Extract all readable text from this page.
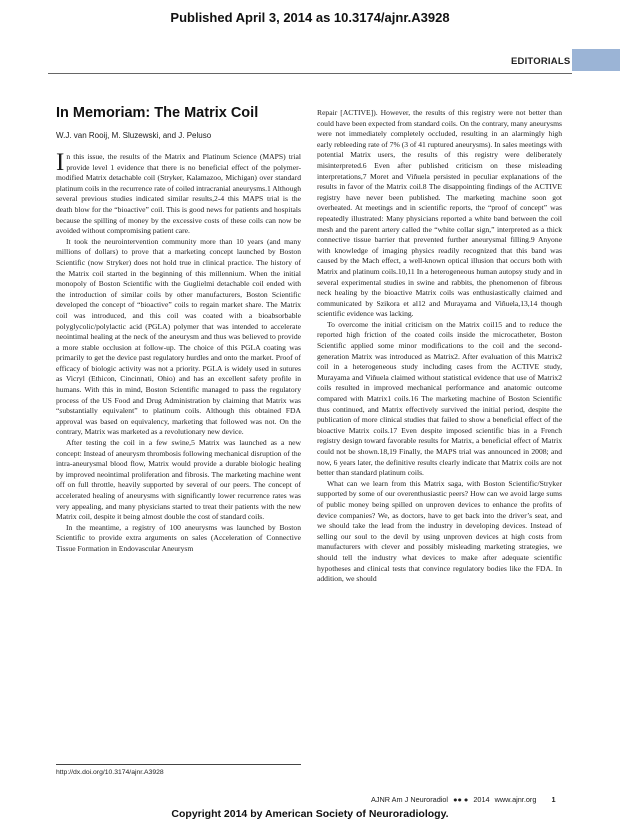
Published April 3, 2014 as 10.3174/ajnr.A3928
EDITORIALS
In Memoriam: The Matrix Coil
W.J. van Rooij, M. Sluzewski, and J. Peluso

In this issue, the results of the Matrix and Platinum Science (MAPS) trial provide level 1 evidence that there is no beneficial effect of the polymer-modified Matrix detachable coil (Stryker, Kalamazoo, Michigan) over standard platinum coils in the recurrence rate of coiled intracranial aneurysms.1 Although several previous studies indicated similar results,2-4 this MAPS trial is the death blow for the “bioactive” coil. This is good news for patients and hospitals because the spilling of money by the excessive costs of these coils can now be avoided without compromising patient care.

It took the neurointervention community more than 10 years (and many millions of dollars) to prove that a marketing concept launched by Boston Scientific (now Stryker) does not hold true in clinical practice. The history of the Matrix coil started in the beginning of this millennium. When the initial monopoly of Boston Scientific with the Guglielmi detachable coil ended with the introduction of similar coils by other manufacturers, Boston Scientific developed the concept of “bioactive” coils to regain market share. The Matrix coil was introduced, and this coil was coated with a bioabsorbable polyglycolic/polylactic acid (PGLA) polymer that was intended to accelerate neointimal healing at the neck of the aneurysm and thus was believed to provide a more stable occlusion at follow-up. The choice of this PGLA coating was primarily to get the device past regulatory hurdles and onto the market. Proof of efficacy of biologic activity was not a priority. PGLA is widely used in sutures as Vicryl (Ethicon, Cincinnati, Ohio) and has an excellent safety profile in humans. With this in mind, Boston Scientific managed to pass the regulatory process of the US Food and Drug Administration by claiming that Matrix was “substantially equivalent” to platinum coils. Although this obtained FDA approval was based on equivalency, marketing that followed was not. On the contrary, Matrix was marketed as a revolutionary new device.

After testing the coil in a few swine,5 Matrix was launched as a new concept: Instead of aneurysm thrombosis following mechanical disruption of the intra-aneurysmal blood flow, Matrix would provide a durable biologic healing by improved neointimal proliferation and fibrosis. The marketing machine went off on full throttle, heavily supported by several of our peers. The concept of accelerated healing of aneurysms with significantly lower recurrence rates was very appealing, and many physicians started to treat their patients with the new Matrix coil, despite it being almost double the cost of standard coils.

In the meantime, a registry of 100 aneurysms was launched by Boston Scientific to provide extra arguments on sales (Acceleration of Connective Tissue Formation in Endovascular Aneurysm

Repair [ACTIVE]). However, the results of this registry were not better than could have been expected from standard coils. On the contrary, many aneurysms were not immediately completely occluded, resulting in an alarmingly high early rebleeding rate of 7% (3 of 41 ruptured aneurysms). In sales meetings with potential Matrix users, the results of this registry were deliberately misinterpreted.6 Even after published criticism on these misleading interpretations,7 Moret and Viñuela persisted in peculiar explanations of the results in favor of the Matrix coil.8 The disappointing findings of the ACTIVE registry have never been published. The marketing machine soon got overheated. At meetings and in scientific reports, the “proof of concept” was repeatedly illustrated: Many physicians reported a white band between the coil mesh and the parent artery called the “white collar sign,” interpreted as a thick connective tissue barrier that prevented further aneurysmal filling.9 Anyone with knowledge of imaging physics readily recognized that this band was caused by the Mach effect, a well-known optical illusion that occurs both with Matrix and platinum coils.10,11 In a heterogeneous human autopsy study and in several experimental studies in swine and rabbits, the phenomenon of fibrous neck healing by the bioactive Matrix coils was enthusiastically claimed and communicated by Szikora et al12 and Murayama and Viñuela,13,14 though scientific evidence was lacking.

To overcome the initial criticism on the Matrix coil15 and to reduce the reported high friction of the coated coils inside the microcatheter, Boston Scientific applied some minor modifications to the coil and the second-generation Matrix was introduced as Matrix2. After evaluation of this Matrix2 coil in a heterogeneous study including cases from the ACTIVE study, Murayama and Viñuela claimed without statistical evidence that use of Matrix2 coils resulted in improved mechanical performance and anatomic outcome compared with Matrix1 coils.16 The marketing machine of Boston Scientific thus continued, and Matrix effectively survived the initial period, despite the publication of more clinical studies that failed to show a beneficial effect of the bioactive Matrix coils.17 Even despite imposed scientific bias in a French registry design toward favorable results for Matrix, a beneficial effect of Matrix could not be shown.18,19 Finally, the MAPS trial was announced in 2008; and now, 6 years later, the definitive results clearly indicate that Matrix coils are not better than standard platinum coils.

What can we learn from this Matrix saga, with Boston Scientific/Stryker supported by some of our overenthusiastic peers? How can we avoid large sums of public money being spilled on unproven devices to enhance the profits of device companies? We, as doctors, have to get back into the driver’s seat, and we should take the lead from the industry in developing devices. Instead of selling our soul to the devil by using unproven devices at high costs from manufacturers with clever and possibly misleading marketing strategies, we should tell the industry what devices to make after adequate scientific hypotheses and clinical tests that convince regulatory bodies like the FDA. In addition, we should

http://dx.doi.org/10.3174/ajnr.A3928
AJNR Am J Neuroradiol ●● ● 2014 www.ajnr.org 1
Copyright 2014 by American Society of Neuroradiology.
